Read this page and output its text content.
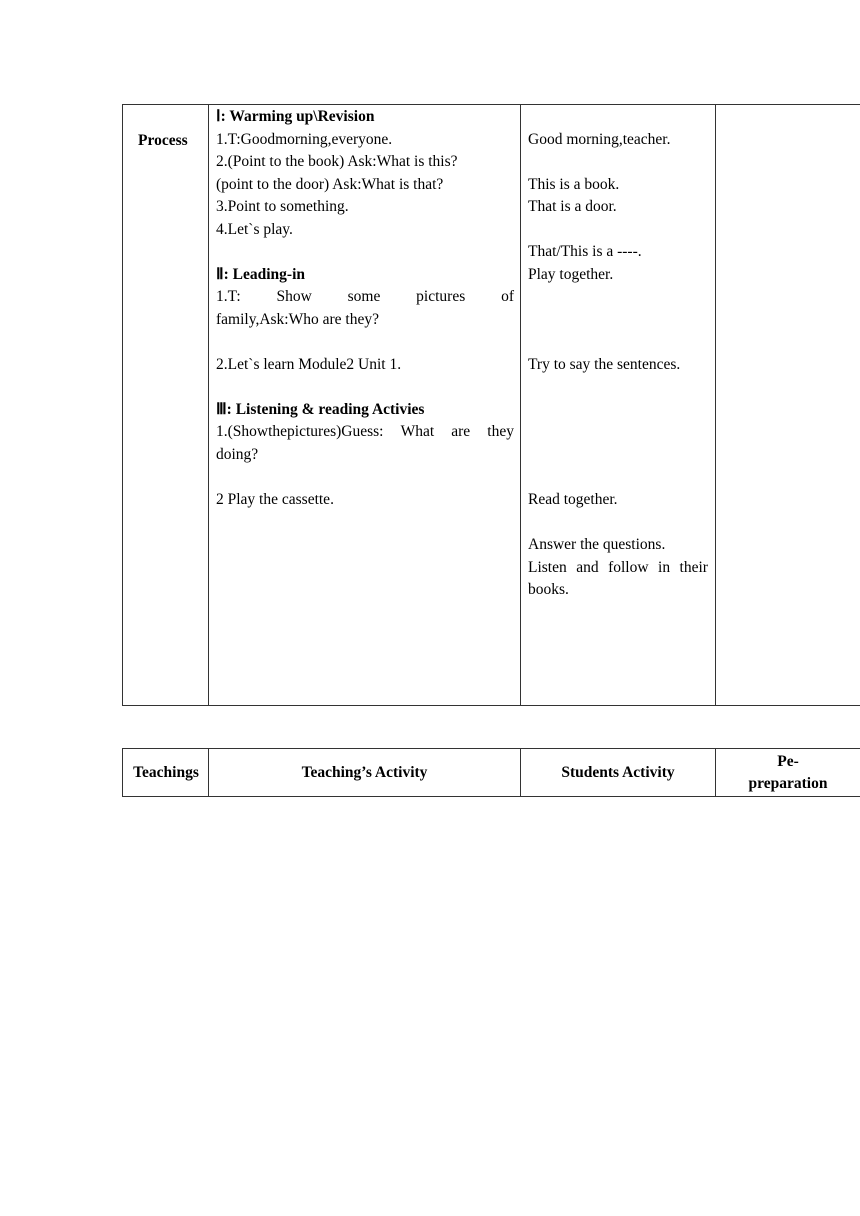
Process
Ⅰ: Warming up\Revision
1.T:Goodmorning,everyone.
2.(Point to the book) Ask:What is this?
(point to the door) Ask:What is that?
3.Point to something.
4.Let`s play.
Ⅱ: Leading-in
1.T: Show some pictures of
family,Ask:Who are they?
2.Let`s learn Module2 Unit 1.
Ⅲ: Listening & reading Activies
1.(Showthepictures)Guess: What are they
doing?
2 Play the cassette.
Good morning,teacher.
This is a book.
That is a door.
That/This is a ----.
Play together.
Try to say the sentences.
Read together.
Answer the questions.
Listen and follow in their
books.
Teachings	Teaching’s Activity	Students Activity
Pe-preparation
